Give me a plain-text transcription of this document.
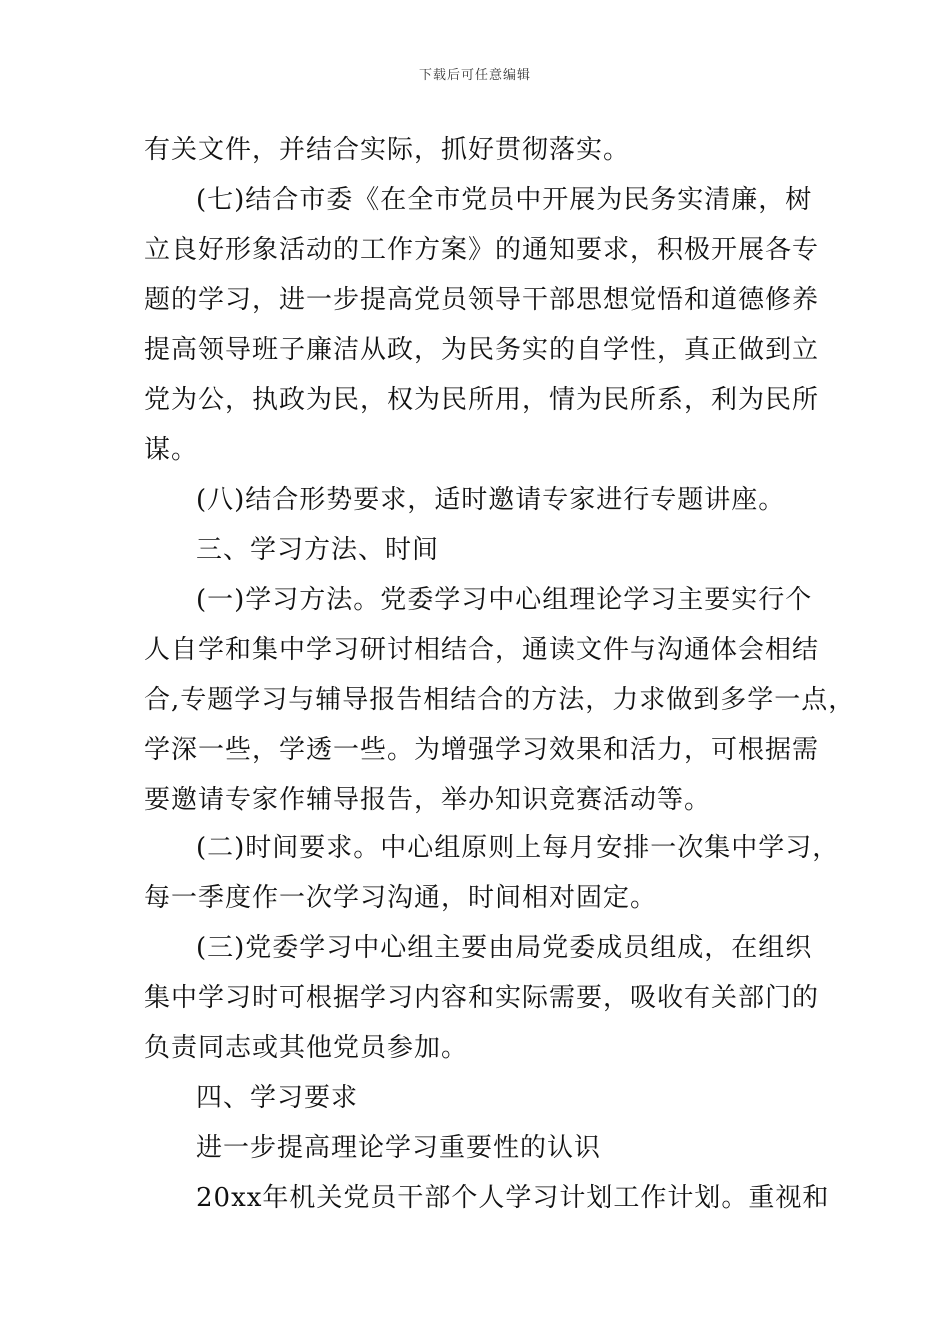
下载后可任意编辑
有关文件，并结合实际，抓好贯彻落实。
(七)结合市委《在全市党员中开展为民务实清廉，树
立良好形象活动的工作方案》的通知要求，积极开展各专
题的学习，进一步提高党员领导干部思想觉悟和道德修养
提高领导班子廉洁从政，为民务实的自学性，真正做到立
党为公，执政为民，权为民所用，情为民所系，利为民所
谋。
(八)结合形势要求，适时邀请专家进行专题讲座。
三、学习方法、时间
(一)学习方法。党委学习中心组理论学习主要实行个
人自学和集中学习研讨相结合，通读文件与沟通体会相结
合,专题学习与辅导报告相结合的方法，力求做到多学一点，
学深一些，学透一些。为增强学习效果和活力，可根据需
要邀请专家作辅导报告，举办知识竞赛活动等。
(二)时间要求。中心组原则上每月安排一次集中学习，
每一季度作一次学习沟通，时间相对固定。
(三)党委学习中心组主要由局党委成员组成，在组织
集中学习时可根据学习内容和实际需要，吸收有关部门的
负责同志或其他党员参加。
四、学习要求
进一步提高理论学习重要性的认识
20xx年机关党员干部个人学习计划工作计划。重视和
